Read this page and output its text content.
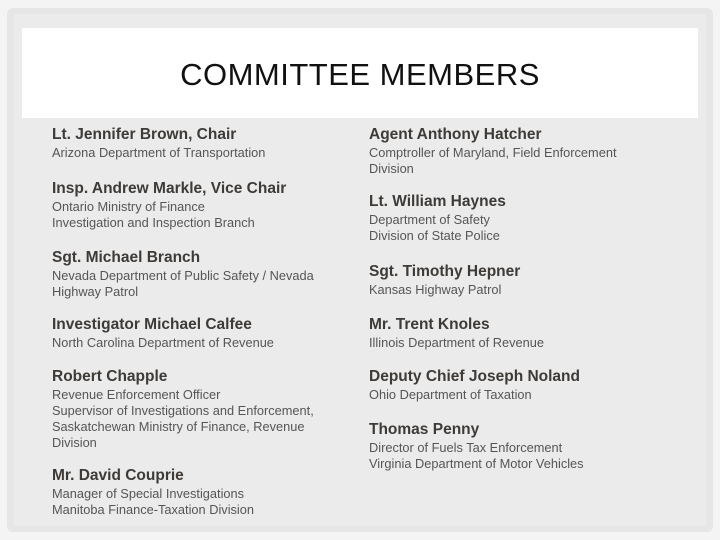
COMMITTEE MEMBERS
Lt. Jennifer Brown, Chair
Arizona Department of Transportation
Insp. Andrew Markle, Vice Chair
Ontario Ministry of Finance
Investigation and Inspection Branch
Sgt. Michael Branch
Nevada Department of Public Safety / Nevada
Highway Patrol
Investigator Michael Calfee
North Carolina Department of Revenue
Robert Chapple
Revenue Enforcement Officer
Supervisor of Investigations and Enforcement,
Saskatchewan Ministry of Finance, Revenue
Division
Mr. David Couprie
Manager of Special Investigations
Manitoba Finance-Taxation Division
Agent Anthony Hatcher
Comptroller of Maryland, Field Enforcement
Division
Lt. William Haynes
Department of Safety
Division of State Police
Sgt. Timothy Hepner
Kansas Highway Patrol
Mr. Trent Knoles
Illinois Department of Revenue
Deputy Chief Joseph Noland
Ohio Department of Taxation
Thomas Penny
Director of Fuels Tax Enforcement
Virginia Department of Motor Vehicles
